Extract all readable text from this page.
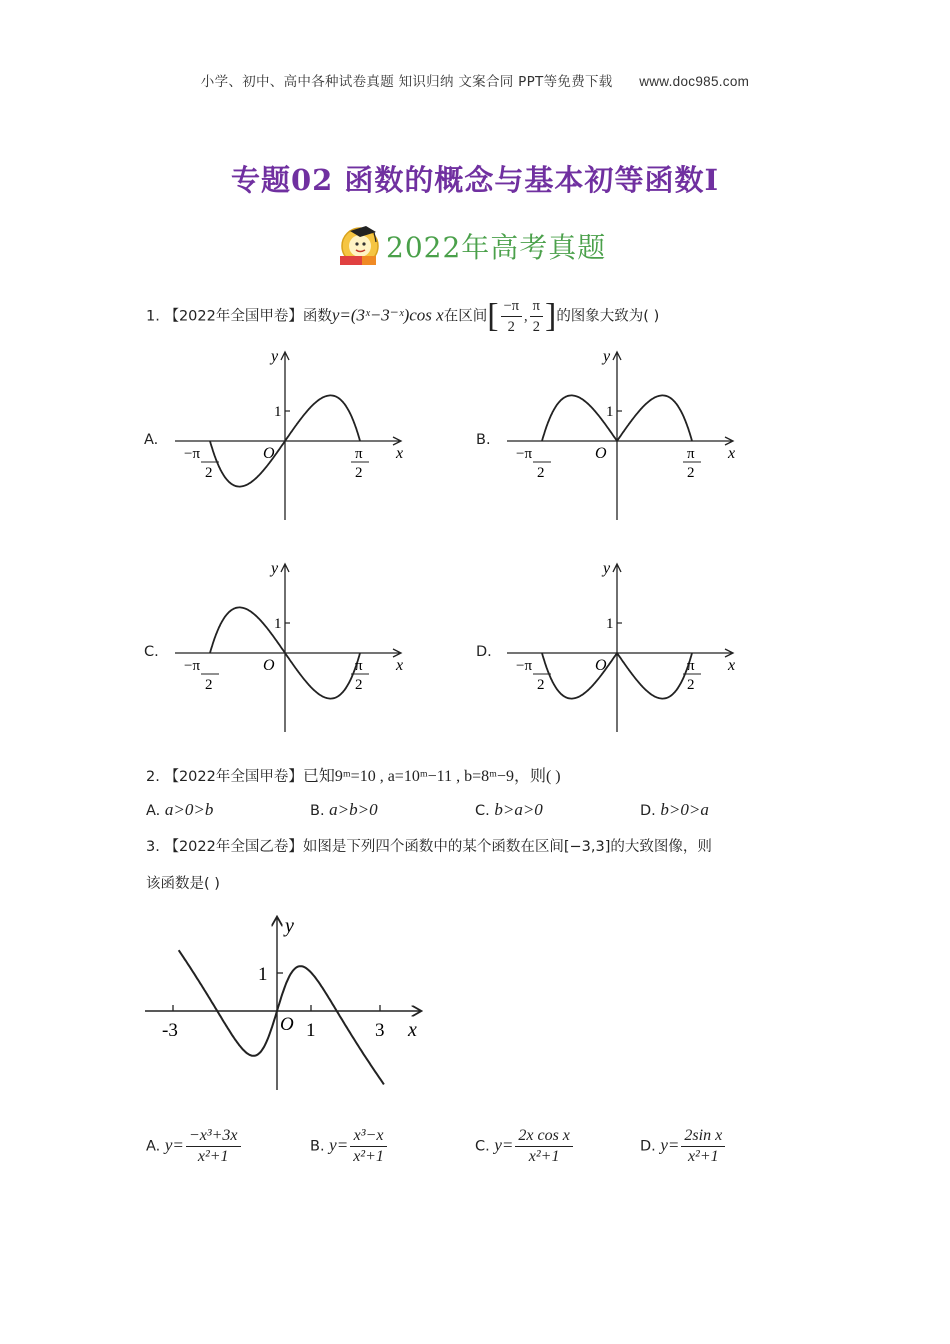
小学、初中、高中各种试卷真题 知识归纳 文案合同 PPT等免费下载 www.doc985.com
专题02 函数的概念与基本初等函数I
2022年高考真题
1. 【2022年全国甲卷】函数y=(3ˣ−3⁻ˣ)cos x在区间[ $\frac{-\pi}{2}$ , $\frac{\pi}{2}$ ]的图象大致为( )
A.
y
x
O
1
−π
2
π
2
B.
y
x
O
1
−π
2
π
2
C.
y
x
O
1
−π
2
π
2
D.
y
x
O
1
−π
2
π
2
2. 【2022年全国甲卷】已知9ᵐ=10 , a=10ᵐ−11 , b=8ᵐ−9，则( )
A. a>0>b	B. a>b>0	C. b>a>0	D. b>0>a
3. 【2022年全国乙卷】如图是下列四个函数中的某个函数在区间[−3,3]的大致图像，则
该函数是( )
y
x
O
1
1
-3	3
A. $y= \frac{\text{−x³+3x}}{\text{x²+1}}$	B. $y= \frac{\text{x³−x}}{\text{x²+1}}$	C. $y= \frac{\text{2x cos x}}{\text{x²+1}}$	D. $y= \frac{\text{2sin x}}{\text{x²+1}}$
